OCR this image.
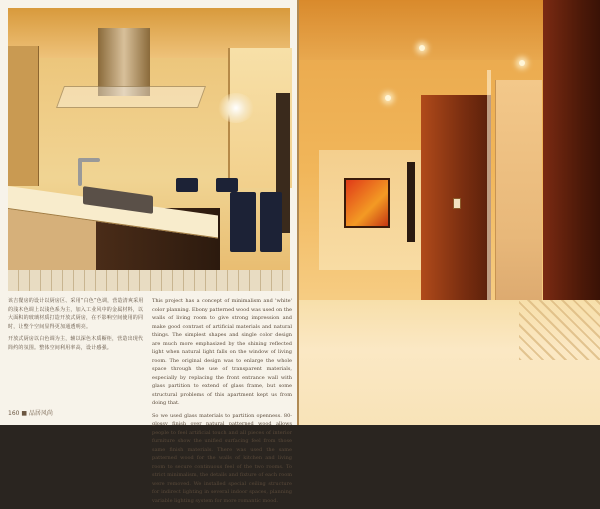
该吉餐房的设计以厨房区、采用“白色”色调，营造清爽采用的浅木色调上以浅色系为主，加入工业风中的金属材料，以大面积的玻璃材质打造开放式厨房，在不影响空间使用的同时，让整个空间显得更加通透明亮。

开放式厨房以白色调为主，辅以深色木质橱柜，营造出现代简约的氛围。整体空间利用率高，设计感强。

This project has a concept of minimalism and 'white' color planning. Ebony patterned wood was used on the walls of living room to give strong impression and make good contrast of artificial materials and natural things. The simplest shapes and single color design are much more emphasized by the shining reflected light when natural light falls on the window of living room. The original design was to enlarge the whole space through the use of transparent materials, especially by replacing the front entrance wall with glass partition to extend of glass frame, but some structural problems of this apartment kept us from doing that.

So we used glass materials to partition openness. 80-glossy finish over natural patterned wood allows people to feel artificial touch and all pieces of interior furniture show the unified surfacing feel from those same finish materials. There was used the same patterned wood for the walls of kitchen and living room to secure continuous feel of the two rooms. To strict minimalism, the details and fixture of each room were removed. We installed special ceiling structure for indirect lighting in several indoor spaces, planning variable lighting system for more romantic mood.

160 ■ 品居风尚
